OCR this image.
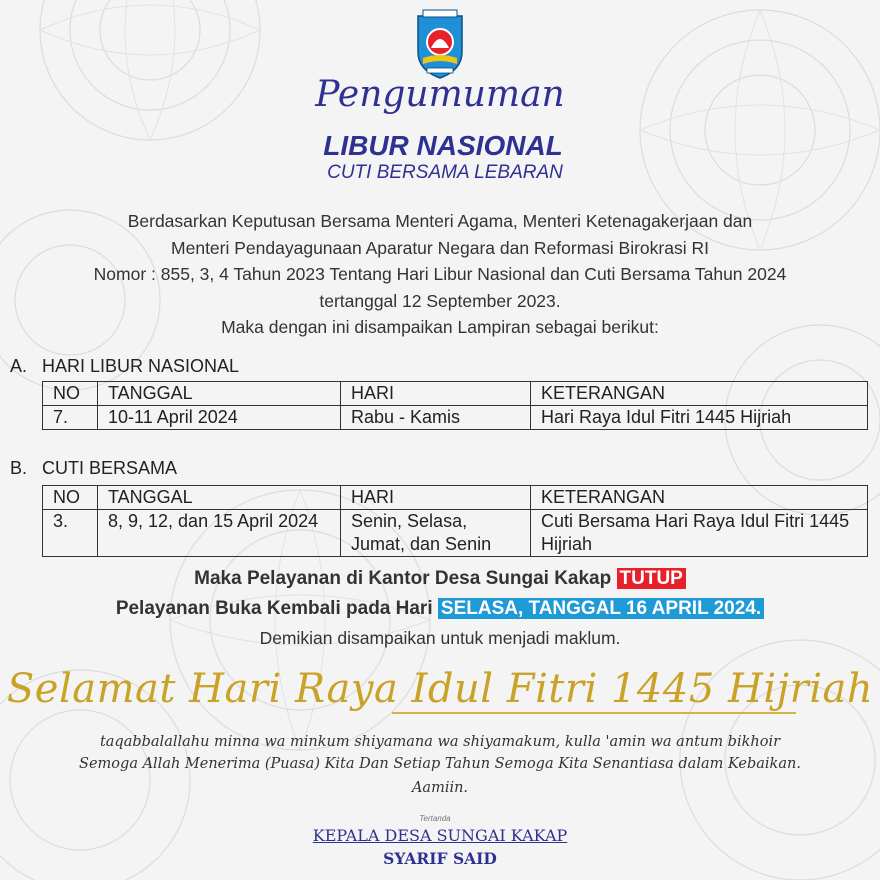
Pengumuman
LIBUR NASIONAL
CUTI BERSAMA LEBARAN
Berdasarkan Keputusan Bersama Menteri Agama, Menteri Ketenagakerjaan dan
Menteri Pendayagunaan Aparatur Negara dan Reformasi Birokrasi RI
Nomor : 855, 3, 4 Tahun 2023 Tentang Hari Libur Nasional dan Cuti Bersama Tahun 2024
tertanggal 12 September 2023.
Maka dengan ini disampaikan Lampiran sebagai berikut:
A. HARI LIBUR NASIONAL
NO	TANGGAL	HARI	KETERANGAN
7.	10-11 April 2024	Rabu - Kamis	Hari Raya Idul Fitri 1445 Hijriah
B. CUTI BERSAMA
NO	TANGGAL	HARI	KETERANGAN
3.	8, 9, 12, dan 15 April 2024	Senin, Selasa, Jumat, dan Senin	Cuti Bersama Hari Raya Idul Fitri 1445 Hijriah
Maka Pelayanan di Kantor Desa Sungai Kakap TUTUP
Pelayanan Buka Kembali pada Hari SELASA, TANGGAL 16 APRIL 2024.
Demikian disampaikan untuk menjadi maklum.
Selamat Hari Raya Idul Fitri 1445 Hijriah
taqabbalallahu minna wa minkum shiyamana wa shiyamakum, kulla 'amin wa antum bikhoir
Semoga Allah Menerima (Puasa) Kita Dan Setiap Tahun Semoga Kita Senantiasa dalam Kebaikan.
Aamiin.
Tertanda
KEPALA DESA SUNGAI KAKAP
SYARIF SAID
